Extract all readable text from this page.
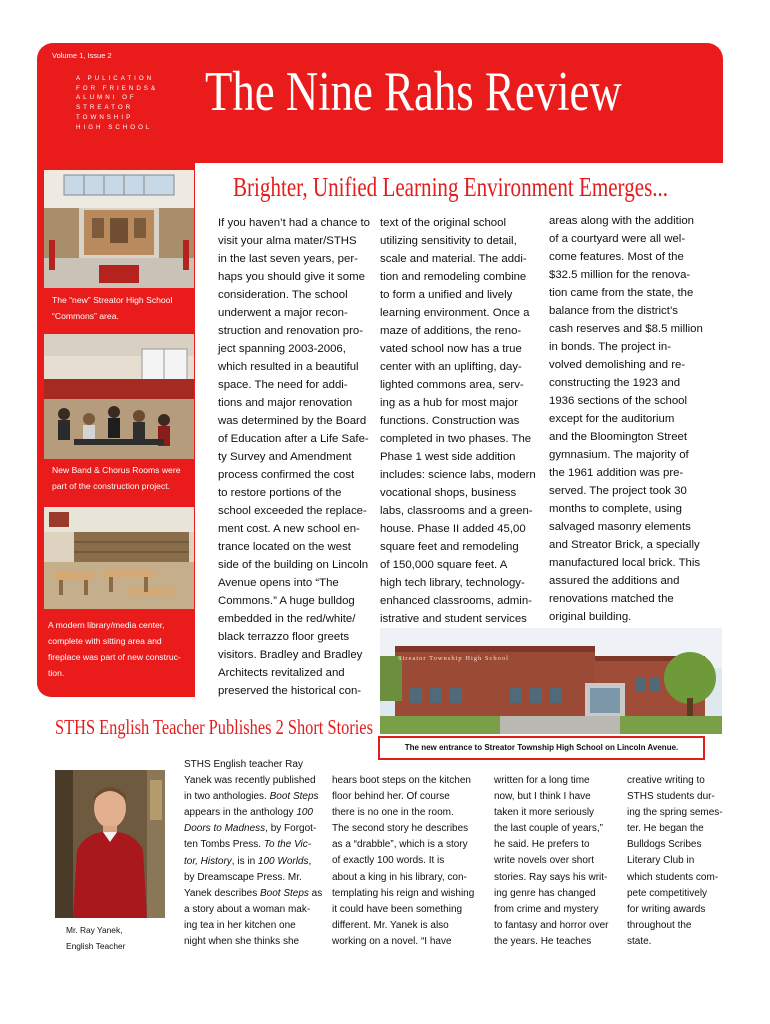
Volume 1, Issue 2
A PULICATION
FOR FRIENDS&
ALUMNI OF
STREATOR
TOWNSHIP
HIGH SCHOOL
The Nine Rahs Review
The “new” Streator High School
“Commons” area.
New Band & Chorus Rooms were
part of the construction project.
A modern library/media center,
complete with sitting area and
fireplace was part of new construc-
tion.
Brighter, Unified Learning Environment Emerges...
If you haven’t had a chance to
visit your alma mater/STHS
in the last seven years, per-
haps you should give it some
consideration. The school
underwent a major recon-
struction and renovation pro-
ject spanning 2003-2006,
which resulted in a beautiful
space. The need for addi-
tions and major renovation
was determined by the Board
of Education after a Life Safe-
ty Survey and Amendment
process confirmed the cost
to restore portions of the
school exceeded the replace-
ment cost. A new school en-
trance located on the west
side of the building on Lincoln
Avenue opens into “The
Commons.” A huge bulldog
embedded in the red/white/
black terrazzo floor greets
visitors. Bradley and Bradley
Architects revitalized and
preserved the historical con-
text of the original school
utilizing sensitivity to detail,
scale and material. The addi-
tion and remodeling combine
to form a unified and lively
learning environment. Once a
maze of additions, the reno-
vated school now has a true
center with an uplifting, day-
lighted commons area, serv-
ing as a hub for most major
functions. Construction was
completed in two phases. The
Phase 1 west side addition
includes: science labs, modern
vocational shops, business
labs, classrooms and a green-
house. Phase II added 45,00
square feet and remodeling
of 150,000 square feet. A
high tech library, technology-
enhanced classrooms, admin-
istrative and student services
areas along with the addition
of a courtyard were all wel-
come features. Most of the
$32.5 million for the renova-
tion came from the state, the
balance from the district’s
cash reserves and $8.5 million
in bonds. The project in-
volved demolishing and re-
constructing the 1923 and
1936 sections of the school
except for the auditorium
and the Bloomington Street
gymnasium. The majority of
the 1961 addition was pre-
served. The project took 30
months to complete, using
salvaged masonry elements
and Streator Brick, a specially
manufactured local brick. This
assured the additions and
renovations matched the
original building.
Streator Township High School
The new entrance to Streator Township High School on Lincoln Avenue.
STHS English Teacher Publishes 2 Short Stories
Mr. Ray Yanek,
English Teacher
STHS English teacher Ray
Yanek was recently published
in two anthologies. Boot Steps
appears in the anthology 100
Doors to Madness, by Forgot-
ten Tombs Press. To the Vic-
tor, History, is in 100 Worlds,
by Dreamscape Press. Mr.
Yanek describes Boot Steps as
a story about a woman mak-
ing tea in her kitchen one
night when she thinks she
hears boot steps on the kitchen
floor behind her. Of course
there is no one in the room.
The second story he describes
as a “drabble”, which is a story
of exactly 100 words. It is
about a king in his library, con-
templating his reign and wishing
it could have been something
different. Mr. Yanek is also
working on a novel. “I have
written for a long time
now, but I think I have
taken it more seriously
the last couple of years,”
he said. He prefers to
write novels over short
stories. Ray says his writ-
ing genre has changed
from crime and mystery
to fantasy and horror over
the years. He teaches
creative writing to
STHS students dur-
ing the spring semes-
ter. He began the
Bulldogs Scribes
Literary Club in
which students com-
pete competitively
for writing awards
throughout the
state.
